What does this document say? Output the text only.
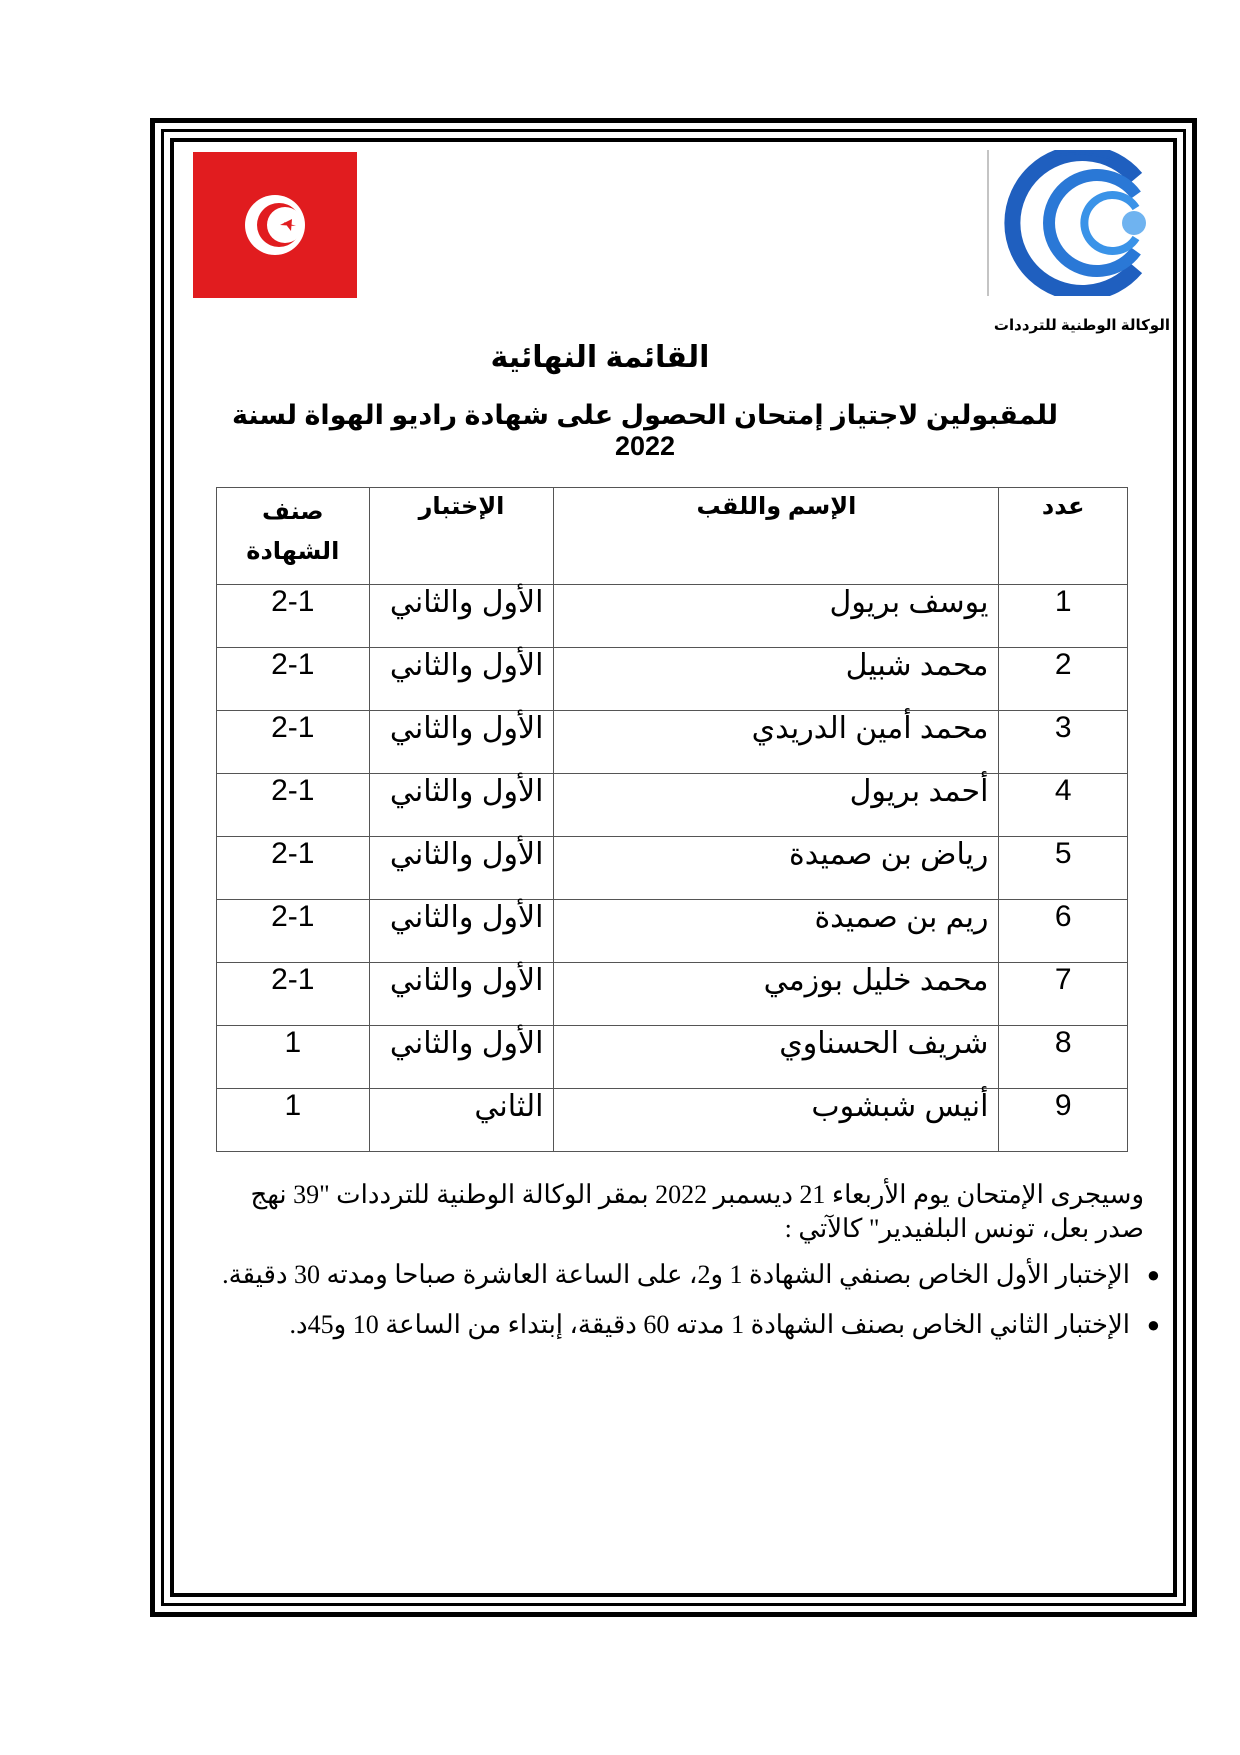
الوكالة الوطنية للترددات
القائمة النهائية
للمقبولين لاجتياز إمتحان الحصول على شهادة راديو الهواة لسنة 2022
عدد	الإسم واللقب	الإختبار	صنف الشهادة
1	يوسف بريول	الأول والثاني	2-1
2	محمد شبيل	الأول والثاني	2-1
3	محمد أمين الدريدي	الأول والثاني	2-1
4	أحمد بريول	الأول والثاني	2-1
5	رياض بن صميدة	الأول والثاني	2-1
6	ريم بن صميدة	الأول والثاني	2-1
7	محمد خليل بوزمي	الأول والثاني	2-1
8	شريف الحسناوي	الأول والثاني	1
9	أنيس شبشوب	الثاني	1
وسيجرى الإمتحان يوم الأربعاء 21 ديسمبر 2022 بمقر الوكالة الوطنية للترددات "39 نهج صدر بعل، تونس البلفيدير" كالآتي :
●
الإختبار الأول الخاص بصنفي الشهادة 1 و2، على الساعة العاشرة صباحا ومدته 30 دقيقة.
●
الإختبار الثاني الخاص بصنف الشهادة 1 مدته 60 دقيقة، إبتداء من الساعة 10 و45د.
